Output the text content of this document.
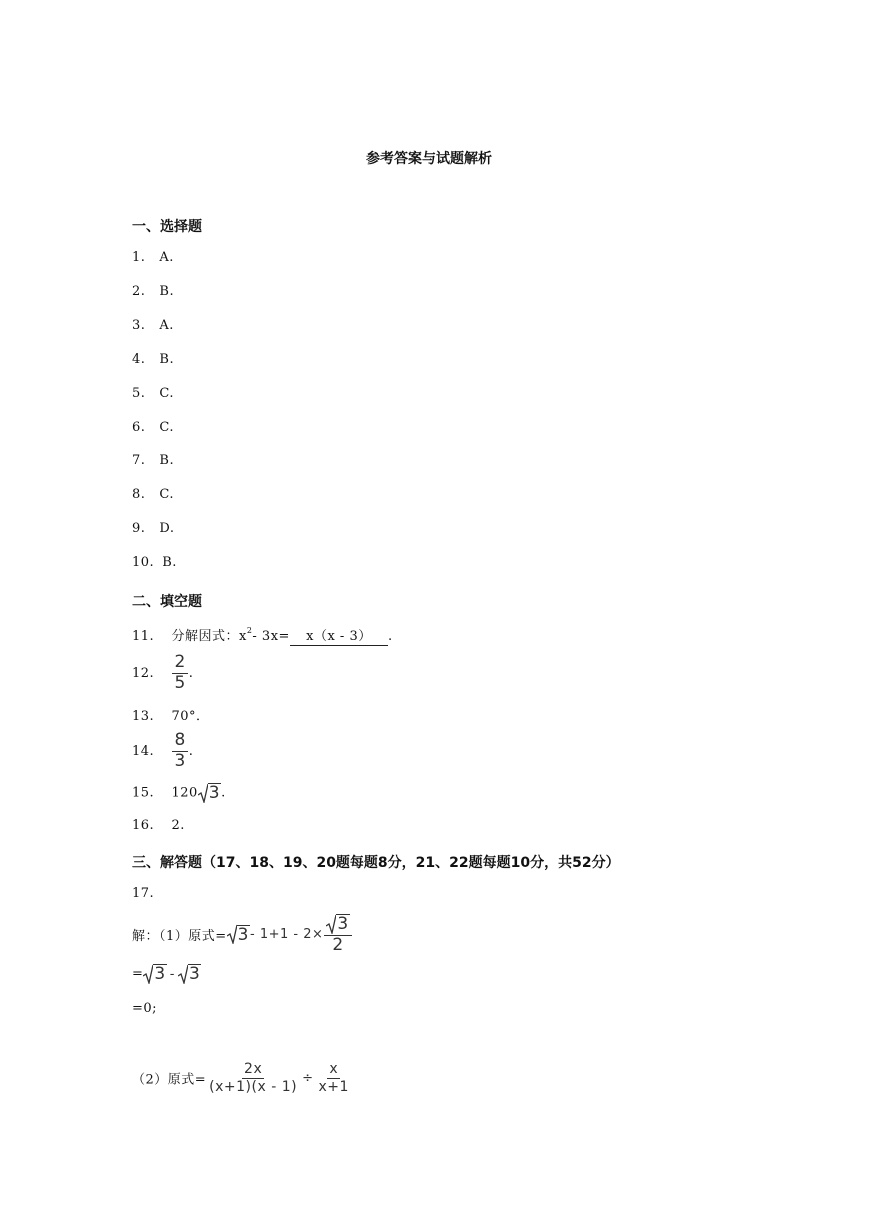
参考答案与试题解析
一、选择题
1. A.
2. B.
3. A.
4. B.
5. C.
6. C.
7. B.
8. C.
9. D.
10. B.
二、填空题
11. 分解因式：$x^2-$ 3x= x（x - 3） .
12. $\frac{2}{5}$ .
13. 70°．
14. $\frac{8}{3}$ .
15. 120 3 .
16. 2.
三、解答题（17、18、19、20题每题8分，21、22题每题10分，共52分）
17.
解：（1）原式= $3 - 1+1 - 2\times \frac{3}{2}$
= 3 - 3
=0;
（2）原式= $\frac{2x}{(x+1)(x - 1)} \div \frac{x}{x+1}$
